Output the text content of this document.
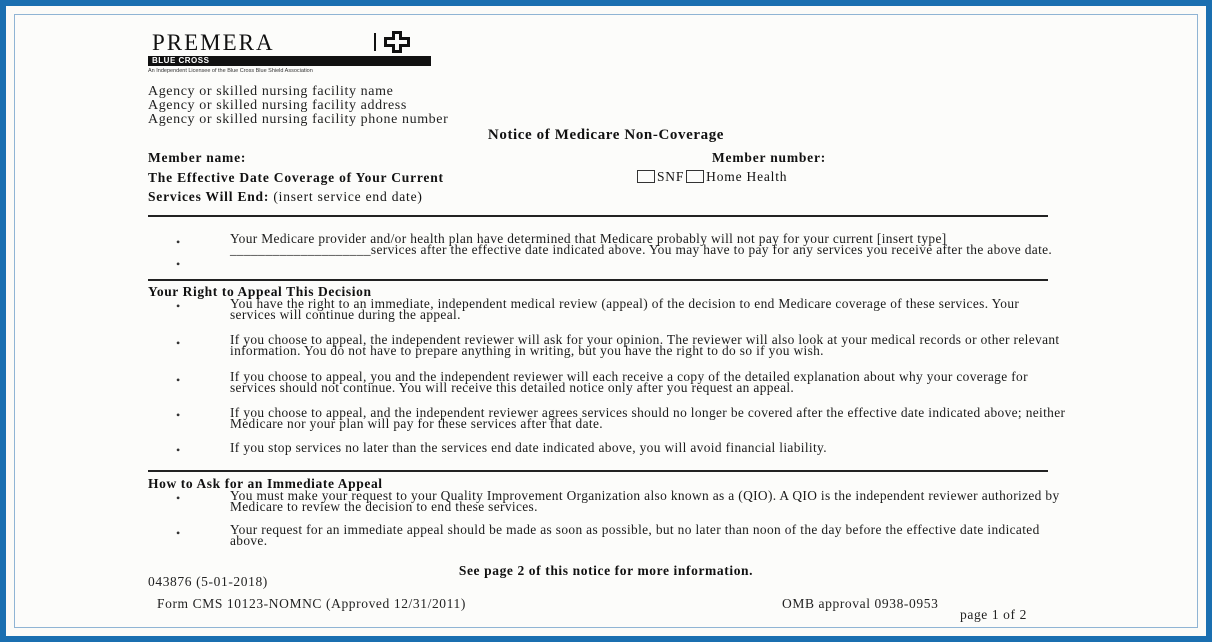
PREMERA
BLUE CROSS
An Independent Licensee of the Blue Cross Blue Shield Association
Agency or skilled nursing facility name
Agency or skilled nursing facility address
Agency or skilled nursing facility phone number
Notice of Medicare Non-Coverage
Member name:	Member number:
The Effective Date Coverage of Your Current	SNF Home Health
Services Will End: (insert service end date)
•
•
Your Medicare provider and/or health plan have determined that Medicare probably will not pay for your current [insert type] ____________________services after the effective date indicated above. You may have to pay for any services you receive after the above date.
Your Right to Appeal This Decision
•	You have the right to an immediate, independent medical review (appeal) of the decision to end Medicare coverage of these services. Your services will continue during the appeal.
•	If you choose to appeal, the independent reviewer will ask for your opinion. The reviewer will also look at your medical records or other relevant information. You do not have to prepare anything in writing, but you have the right to do so if you wish.
•	If you choose to appeal, you and the independent reviewer will each receive a copy of the detailed explanation about why your coverage for services should not continue. You will receive this detailed notice only after you request an appeal.
•	If you choose to appeal, and the independent reviewer agrees services should no longer be covered after the effective date indicated above; neither Medicare nor your plan will pay for these services after that date.
•	If you stop services no later than the services end date indicated above, you will avoid financial liability.
How to Ask for an Immediate Appeal
•	You must make your request to your Quality Improvement Organization also known as a (QIO). A QIO is the independent reviewer authorized by Medicare to review the decision to end these services.
•	Your request for an immediate appeal should be made as soon as possible, but no later than noon of the day before the effective date indicated above.
See page 2 of this notice for more information.
043876 (5-01-2018)
Form CMS 10123-NOMNC (Approved 12/31/2011)	OMB approval 0938-0953
page 1 of 2
